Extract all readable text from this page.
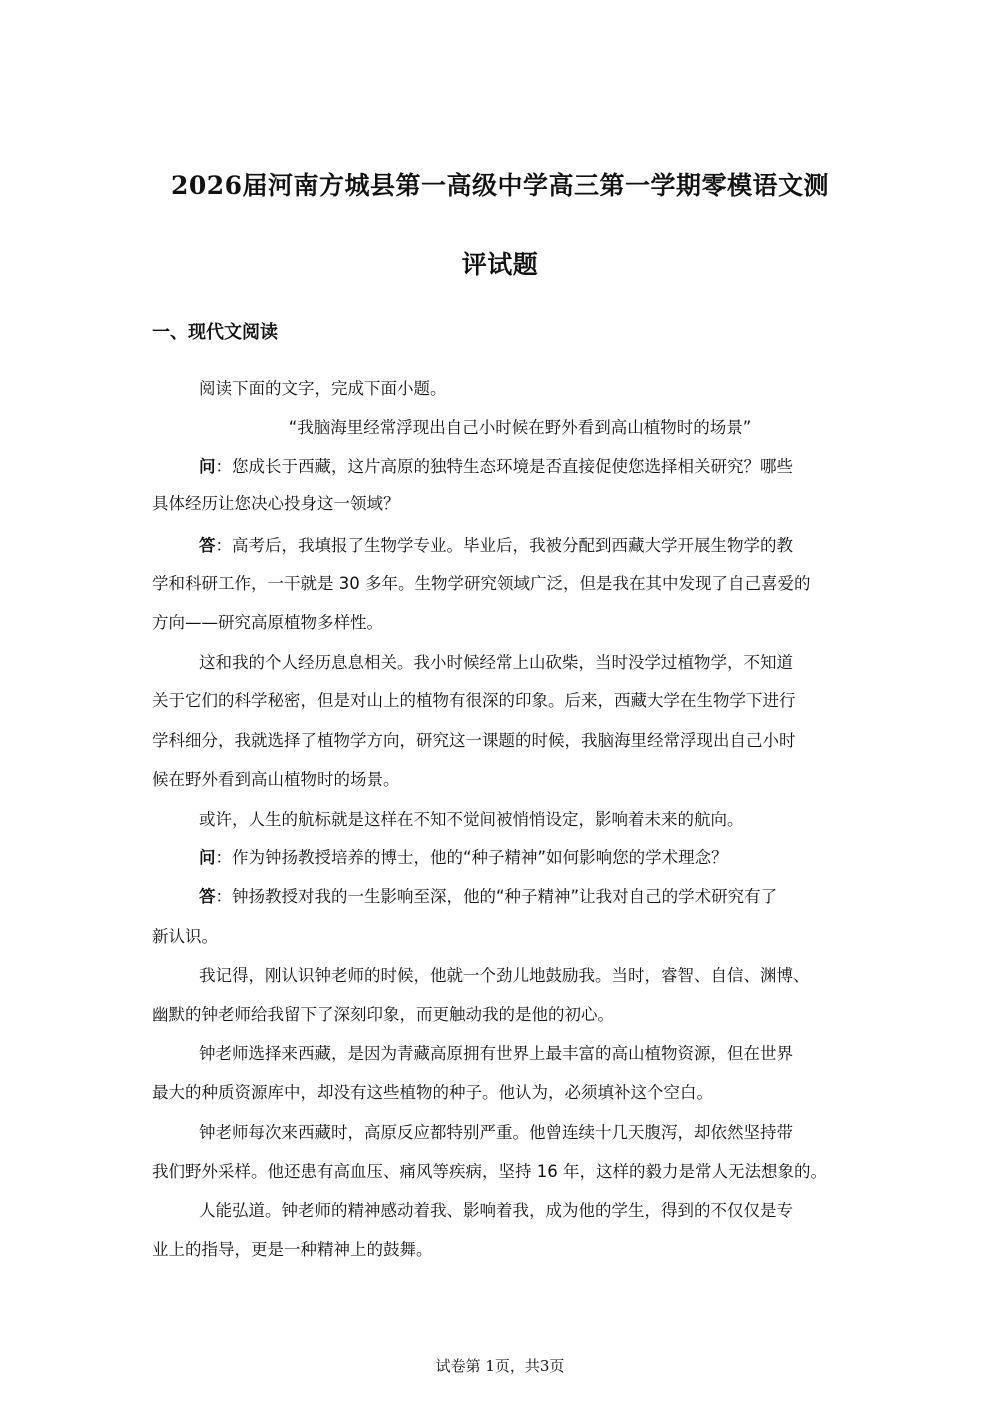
2026届河南方城县第一高级中学高三第一学期零模语文测
评试题
一、现代文阅读
阅读下面的文字，完成下面小题。
“我脑海里经常浮现出自己小时候在野外看到高山植物时的场景”
问：您成长于西藏，这片高原的独特生态环境是否直接促使您选择相关研究？哪些
具体经历让您决心投身这一领域？
答：高考后，我填报了生物学专业。毕业后，我被分配到西藏大学开展生物学的教
学和科研工作，一干就是 30 多年。生物学研究领域广泛，但是我在其中发现了自己喜爱的
方向——研究高原植物多样性。
这和我的个人经历息息相关。我小时候经常上山砍柴，当时没学过植物学，不知道
关于它们的科学秘密，但是对山上的植物有很深的印象。后来，西藏大学在生物学下进行
学科细分，我就选择了植物学方向，研究这一课题的时候，我脑海里经常浮现出自己小时
候在野外看到高山植物时的场景。
或许，人生的航标就是这样在不知不觉间被悄悄设定，影响着未来的航向。
问：作为钟扬教授培养的博士，他的“种子精神”如何影响您的学术理念？
答：钟扬教授对我的一生影响至深，他的“种子精神”让我对自己的学术研究有了
新认识。
我记得，刚认识钟老师的时候，他就一个劲儿地鼓励我。当时，睿智、自信、渊博、
幽默的钟老师给我留下了深刻印象，而更触动我的是他的初心。
钟老师选择来西藏，是因为青藏高原拥有世界上最丰富的高山植物资源，但在世界
最大的种质资源库中，却没有这些植物的种子。他认为，必须填补这个空白。
钟老师每次来西藏时，高原反应都特别严重。他曾连续十几天腹泻，却依然坚持带
我们野外采样。他还患有高血压、痛风等疾病，坚持 16 年，这样的毅力是常人无法想象的。
人能弘道。钟老师的精神感动着我、影响着我，成为他的学生，得到的不仅仅是专
业上的指导，更是一种精神上的鼓舞。
试卷第 1页，共3页
